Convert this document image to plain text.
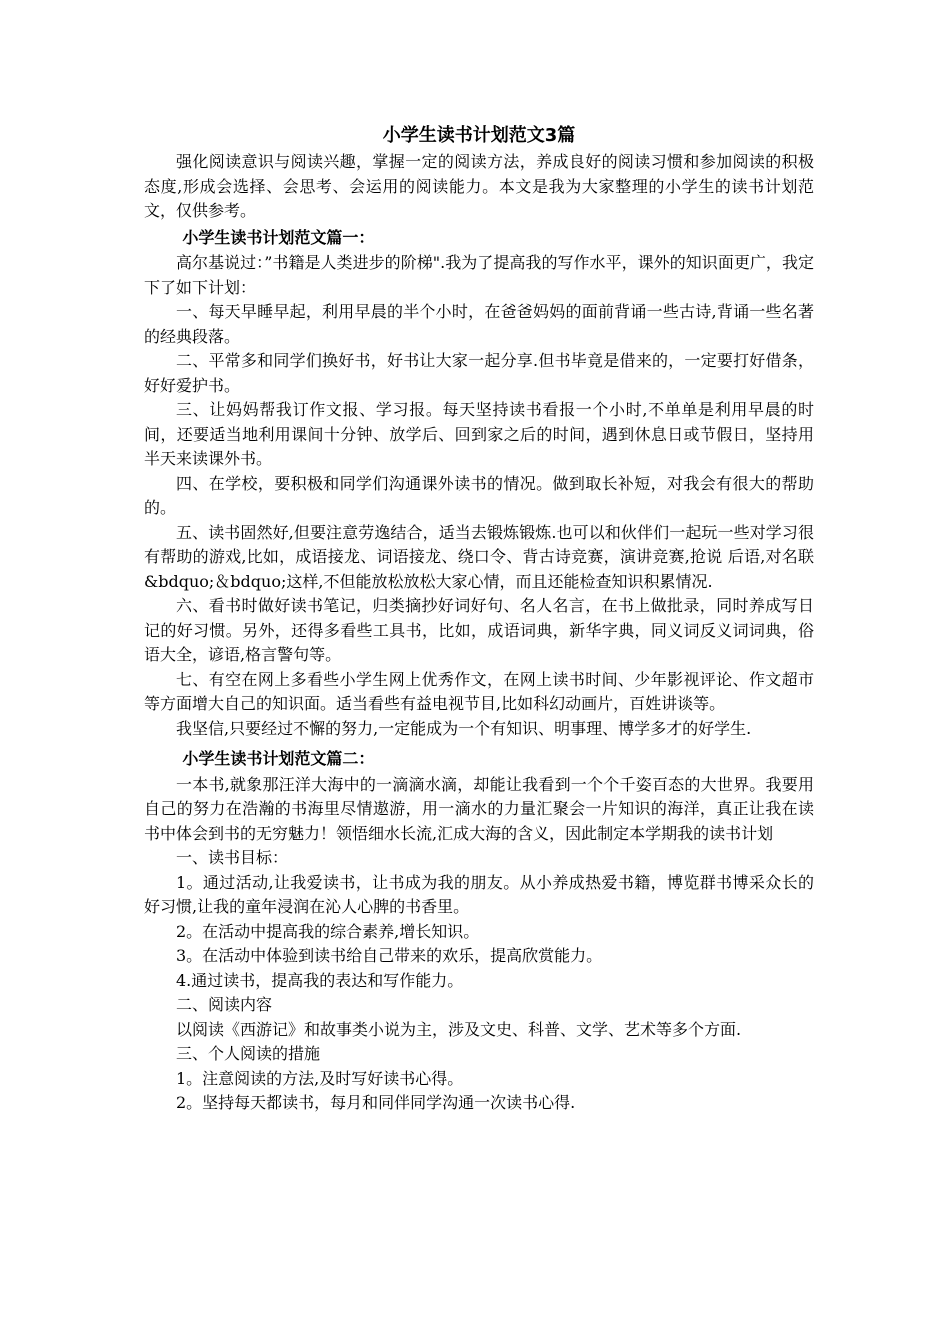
小学生读书计划范文3篇

强化阅读意识与阅读兴趣，掌握一定的阅读方法，养成良好的阅读习惯和参加阅读的积极态度,形成会选择、会思考、会运用的阅读能力。本文是我为大家整理的小学生的读书计划范文，仅供参考。

小学生读书计划范文篇一：

高尔基说过：”书籍是人类进步的阶梯".我为了提高我的写作水平，课外的知识面更广，我定下了如下计划：

一、每天早睡早起，利用早晨的半个小时，在爸爸妈妈的面前背诵一些古诗,背诵一些名著的经典段落。

二、平常多和同学们换好书，好书让大家一起分享.但书毕竟是借来的，一定要打好借条，好好爱护书。

三、让妈妈帮我订作文报、学习报。每天坚持读书看报一个小时,不单单是利用早晨的时间，还要适当地利用课间十分钟、放学后、回到家之后的时间，遇到休息日或节假日，坚持用半天来读课外书。

四、在学校，要积极和同学们沟通课外读书的情况。做到取长补短，对我会有很大的帮助的。

五、读书固然好,但要注意劳逸结合，适当去锻炼锻炼.也可以和伙伴们一起玩一些对学习很有帮助的游戏,比如，成语接龙、词语接龙、绕口令、背古诗竞赛，演讲竞赛,抢说 后语,对名联&bdquo;＆bdquo;这样,不但能放松放松大家心情，而且还能检查知识积累情况.

六、看书时做好读书笔记，归类摘抄好词好句、名人名言，在书上做批录，同时养成写日记的好习惯。另外，还得多看些工具书，比如，成语词典，新华字典，同义词反义词词典，俗语大全，谚语,格言警句等。

七、有空在网上多看些小学生网上优秀作文，在网上读书时间、少年影视评论、作文超市等方面增大自己的知识面。适当看些有益电视节目,比如科幻动画片，百姓讲谈等。

我坚信,只要经过不懈的努力,一定能成为一个有知识、明事理、博学多才的好学生.

小学生读书计划范文篇二：

一本书,就象那汪洋大海中的一滴滴水滴，却能让我看到一个个千姿百态的大世界。我要用自己的努力在浩瀚的书海里尽情遨游，用一滴水的力量汇聚会一片知识的海洋，真正让我在读书中体会到书的无穷魅力！领悟细水长流,汇成大海的含义，因此制定本学期我的读书计划

一、读书目标：

1。通过活动,让我爱读书，让书成为我的朋友。从小养成热爱书籍，博览群书博采众长的好习惯,让我的童年浸润在沁人心脾的书香里。

2。在活动中提高我的综合素养,增长知识。

3。在活动中体验到读书给自己带来的欢乐，提高欣赏能力。

4.通过读书，提高我的表达和写作能力。

二、阅读内容

以阅读《西游记》和故事类小说为主，涉及文史、科普、文学、艺术等多个方面.

三、个人阅读的措施

1。注意阅读的方法,及时写好读书心得。

2。坚持每天都读书，每月和同伴同学沟通一次读书心得.
